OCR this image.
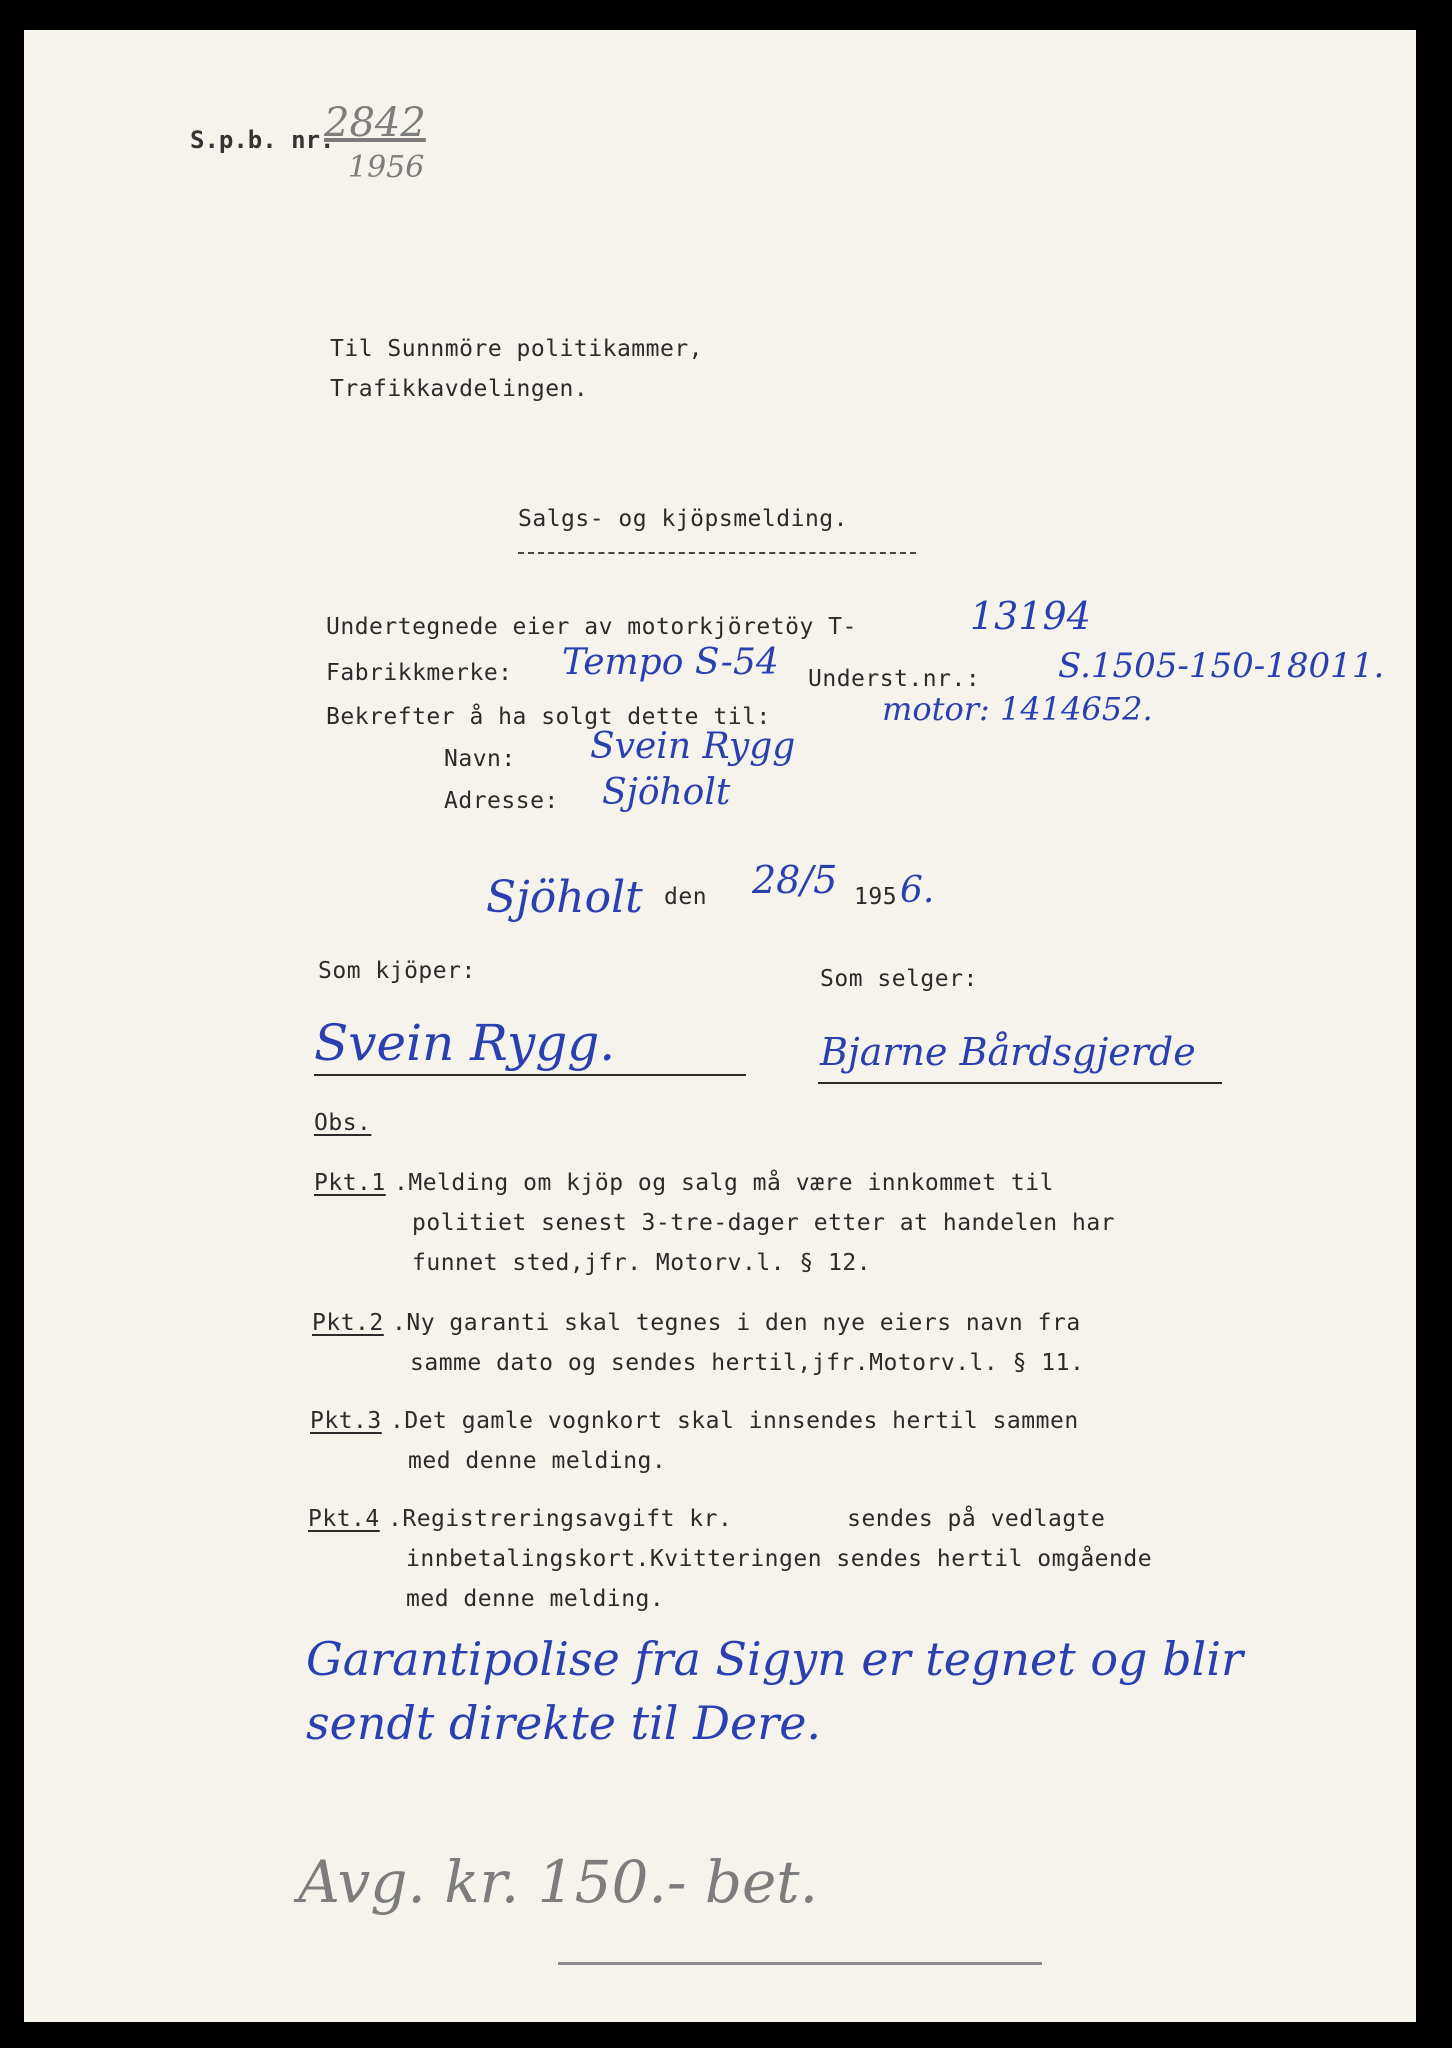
S.p.b. nr.
2842
1956
Til Sunnmöre politikammer,
Trafikkavdelingen.
Salgs- og kjöpsmelding.
Undertegnede eier av motorkjöretöy T-	13194
Fabrikkmerke: Tempo S-54 Underst.nr.: S.1505-150-18011.
Bekrefter å ha solgt dette til:	motor: 1414652.
Navn: Svein Rygg
Adresse: Sjöholt
Sjöholt den 28/5 195 6.
Som kjöper:
Svein Rygg.
Som selger:
Bjarne Bårdsgjerde
Obs.
Pkt.1 .Melding om kjöp og salg må være innkommet til
politiet senest 3-tre-dager etter at handelen har
funnet sted,jfr. Motorv.l. § 12.
Pkt.2 .Ny garanti skal tegnes i den nye eiers navn fra
samme dato og sendes hertil,jfr.Motorv.l. § 11.
Pkt.3 .Det gamle vognkort skal innsendes hertil sammen
med denne melding.
Pkt.4 .Registreringsavgift kr.        sendes på vedlagte
innbetalingskort.Kvitteringen sendes hertil omgående
med denne melding.
Garantipolise fra Sigyn er tegnet og blir
sendt direkte til Dere.
Avg. kr. 150.- bet.
